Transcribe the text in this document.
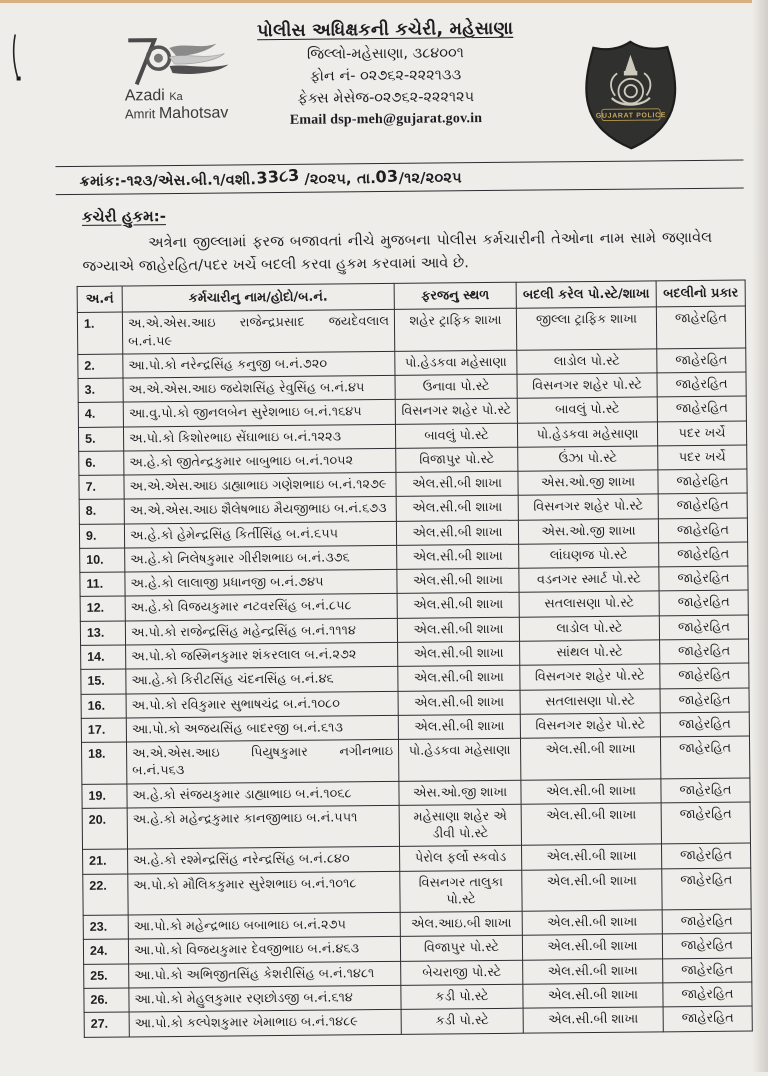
Azadi Ka
Amrit Mahotsav
પોલીસ અધિક્ષકની કચેરી, મહેસાણા
જિલ્લો-મહેસાણા, ૩૮૪૦૦૧
ફોન નં- ૦૨૭૬૨-૨૨૨૧૩૩
ફેક્સ મેસેજ-૦૨૭૬૨-૨૨૨૧૨૫
Email dsp-meh@gujarat.gov.in	GUJARAT POLICE
ક્રમાંક:-૧૨૩/એસ.બી.૧/વશી.33૮3 /૨૦૨૫, તા.03/૧૨/૨૦૨૫
કચેરી હુકમ:-
અત્રેના જીલ્લામાં ફરજ બજાવતાં નીચે મુજબના પોલીસ કર્મચારીની તેઓના નામ સામે જણાવેલ જગ્યાએ જાહેરહિત/પદર ખર્ચે બદલી કરવા હુકમ કરવામાં આવે છે.
અ.નં	કર્મચારીનુ નામ/હોદો/બ.નં.	ફરજનુ સ્થળ	બદલી કરેલ પો.સ્ટે/શાખા	બદલીનો પ્રકાર
1.	અ.એ.એસ.આઇ રાજેન્દ્રપ્રસાદ જયદેવલાલ બ.નં.૫૯	શહેર ટ્રાફિક શાખા	જીલ્લા ટ્રાફિક શાખા	જાહેરહિત
2.	આ.પો.કો નરેન્દ્રસિંહ કનુજી બ.નં.૭૨૦	પો.હેડકવા મહેસાણા	લાડોલ પો.સ્ટે	જાહેરહિત
3.	અ.એ.એસ.આઇ જયેશસિંહ રેવુસિંહ બ.નં.૪૫	ઉનાવા પો.સ્ટે	વિસનગર શહેર પો.સ્ટે	જાહેરહિત
4.	આ.વુ.પો.કો જીનલબેન સુરેશભાઇ બ.નં.૧૬૪૫	વિસનગર શહેર પો.સ્ટે	બાવલું પો.સ્ટે	જાહેરહિત
5.	અ.પો.કો કિશોરભાઇ સેંઘાભાઇ બ.નં.૧૨૨૩	બાવલું પો.સ્ટે	પો.હેડકવા મહેસાણા	પદર ખર્ચે
6.	અ.હે.કો જીતેન્દ્રકુમાર બાબુભાઇ બ.નં.૧૦૫૨	વિજાપુર પો.સ્ટે	ઉંઝા પો.સ્ટે	પદર ખર્ચે
7.	અ.એ.એસ.આઇ ડાહ્યાભાઇ ગણેશભાઇ બ.નં.૧૨૭૯	એલ.સી.બી શાખા	એસ.ઓ.જી શાખા	જાહેરહિત
8.	અ.એ.એસ.આઇ શૈલેષભાઇ મૈયજીભાઇ બ.નં.૬૭૩	એલ.સી.બી શાખા	વિસનગર શહેર પો.સ્ટે	જાહેરહિત
9.	અ.હે.કો હેમેન્દ્રસિંહ કિર્તીસિંહ બ.નં.૬૫૫	એલ.સી.બી શાખા	એસ.ઓ.જી શાખા	જાહેરહિત
10.	અ.હે.કો નિલેષકુમાર ગીરીશભાઇ બ.નં.૩૭૬	એલ.સી.બી શાખા	લાંઘણજ પો.સ્ટે	જાહેરહિત
11.	અ.હે.કો લાલાજી પ્રધાનજી બ.નં.૭૪૫	એલ.સી.બી શાખા	વડનગર સ્માર્ટ પો.સ્ટે	જાહેરહિત
12.	અ.હે.કો વિજયકુમાર નટવરસિંહ બ.નં.૮૫૮	એલ.સી.બી શાખા	સતલાસણા પો.સ્ટે	જાહેરહિત
13.	અ.પો.કો રાજેન્દ્રસિંહ મહેન્દ્રસિંહ બ.નં.૧૧૧૪	એલ.સી.બી શાખા	લાડોલ પો.સ્ટે	જાહેરહિત
14.	અ.પો.કો જસ્મિનકુમાર શંકરલાલ બ.નં.૨૭૨	એલ.સી.બી શાખા	સાંથલ પો.સ્ટે	જાહેરહિત
15.	આ.હે.કો કિરીટસિંહ ચંદનસિંહ બ.નં.૪૬	એલ.સી.બી શાખા	વિસનગર શહેર પો.સ્ટે	જાહેરહિત
16.	અ.પો.કો રવિકુમાર સુભાષચંદ્ર બ.નં.૧૦૮૦	એલ.સી.બી શાખા	સતલાસણા પો.સ્ટે	જાહેરહિત
17.	આ.પો.કો અજયસિંહ બાદરજી બ.નં.૬૧૩	એલ.સી.બી શાખા	વિસનગર શહેર પો.સ્ટે	જાહેરહિત
18.	અ.એ.એસ.આઇ પિયુષકુમાર નગીનભાઇ બ.નં.૫૬૩	પો.હેડકવા મહેસાણા	એલ.સી.બી શાખા	જાહેરહિત
19.	અ.હે.કો સંજયકુમાર ડાહ્યાભાઇ બ.નં.૧૦૬૮	એસ.ઓ.જી શાખા	એલ.સી.બી શાખા	જાહેરહિત
20.	અ.હે.કો મહેન્દ્રકુમાર કાનજીભાઇ બ.નં.૫૫૧	મહેસાણા શહેર એ ડીવી પો.સ્ટે	એલ.સી.બી શાખા	જાહેરહિત
21.	અ.હે.કો રશ્મેન્દ્રસિંહ નરેન્દ્રસિંહ બ.નં.૮૪૦	પેરોલ ફર્લો સ્કવોડ	એલ.સી.બી શાખા	જાહેરહિત
22.	અ.પો.કો મૌલિકકુમાર સુરેશભાઇ બ.નં.૧૦૧૮	વિસનગર તાલુકા પો.સ્ટે	એલ.સી.બી શાખા	જાહેરહિત
23.	આ.પો.કો મહેન્દ્રભાઇ બબાભાઇ બ.નં.૨૭૫	એલ.આઇ.બી શાખા	એલ.સી.બી શાખા	જાહેરહિત
24.	આ.પો.કો વિજયકુમાર દેવજીભાઇ બ.નં.૪૬૩	વિજાપુર પો.સ્ટે	એલ.સી.બી શાખા	જાહેરહિત
25.	આ.પો.કો અભિજીતસિંહ કેશરીસિંહ બ.નં.૧૪૮૧	બેચરાજી પો.સ્ટે	એલ.સી.બી શાખા	જાહેરહિત
26.	આ.પો.કો મેહુલકુમાર રણછોડજી બ.નં.૬૧૪	કડી પો.સ્ટે	એલ.સી.બી શાખા	જાહેરહિત
27.	આ.પો.કો કલ્પેશકુમાર ખેમાભાઇ બ.નં.૧૪૮૯	કડી પો.સ્ટે	એલ.સી.બી શાખા	જાહેરહિત
